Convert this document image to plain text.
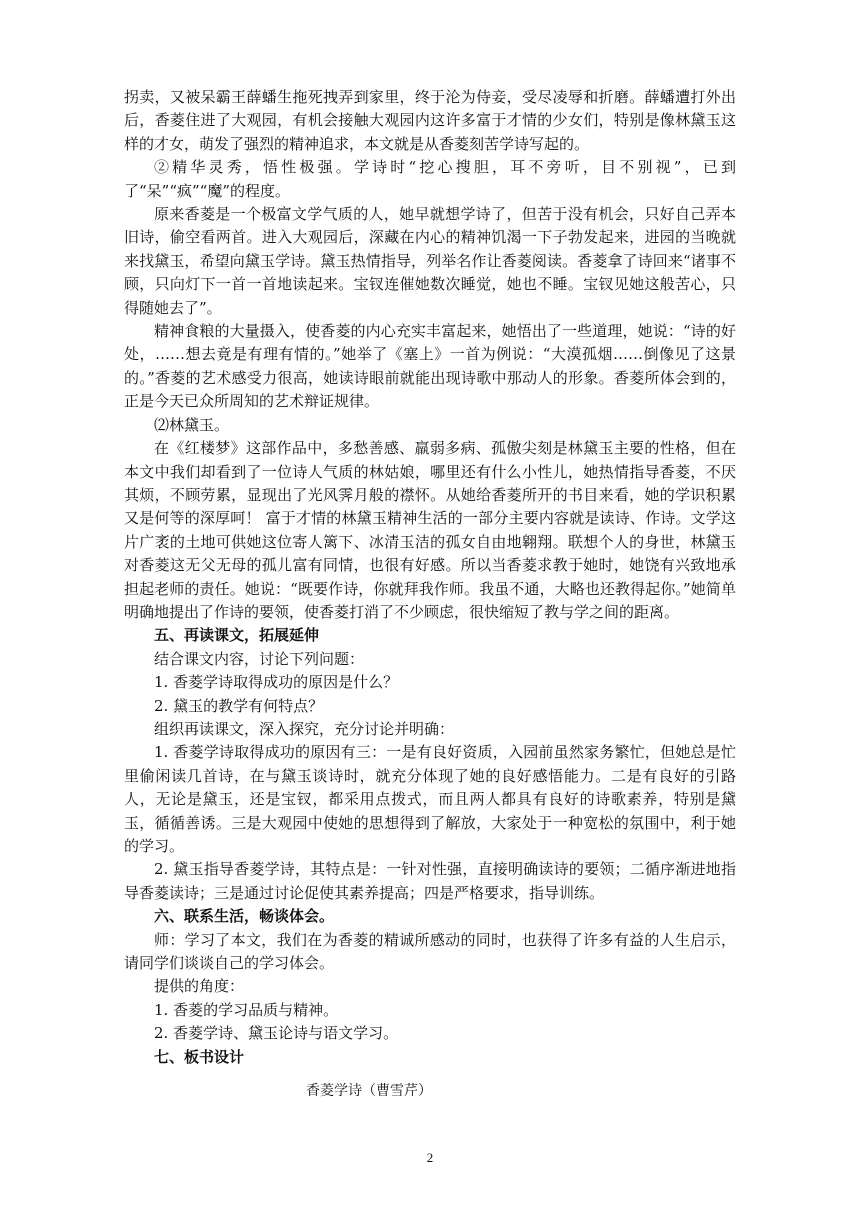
拐卖，又被呆霸王薛蟠生拖死拽弄到家里，终于沦为侍妾，受尽凌辱和折磨。薛蟠遭打外出后，香菱住进了大观园，有机会接触大观园内这许多富于才情的少女们，特别是像林黛玉这样的才女，萌发了强烈的精神追求，本文就是从香菱刻苦学诗写起的。

②精华灵秀，悟性极强。学诗时“挖心搜胆，耳不旁听，目不别视”，已到了“呆”“疯”“魔”的程度。

原来香菱是一个极富文学气质的人，她早就想学诗了，但苦于没有机会，只好自己弄本旧诗，偷空看两首。进入大观园后，深藏在内心的精神饥渴一下子勃发起来，进园的当晚就来找黛玉，希望向黛玉学诗。黛玉热情指导，列举名作让香菱阅读。香菱拿了诗回来“诸事不顾，只向灯下一首一首地读起来。宝钗连催她数次睡觉，她也不睡。宝钗见她这般苦心，只得随她去了”。

精神食粮的大量摄入，使香菱的内心充实丰富起来，她悟出了一些道理，她说：“诗的好处，……想去竟是有理有情的。”她举了《塞上》一首为例说：“大漠孤烟……倒像见了这景的。”香菱的艺术感受力很高，她读诗眼前就能出现诗歌中那动人的形象。香菱所体会到的，正是今天已众所周知的艺术辩证规律。

⑵林黛玉。

在《红楼梦》这部作品中，多愁善感、羸弱多病、孤傲尖刻是林黛玉主要的性格，但在本文中我们却看到了一位诗人气质的林姑娘，哪里还有什么小性儿，她热情指导香菱，不厌其烦，不顾劳累，显现出了光风霁月般的襟怀。从她给香菱所开的书目来看，她的学识积累又是何等的深厚呵！ 富于才情的林黛玉精神生活的一部分主要内容就是读诗、作诗。文学这片广袤的土地可供她这位寄人篱下、冰清玉洁的孤女自由地翱翔。联想个人的身世，林黛玉对香菱这无父无母的孤儿富有同情，也很有好感。所以当香菱求教于她时，她饶有兴致地承担起老师的责任。她说：“既要作诗，你就拜我作师。我虽不通，大略也还教得起你。”她简单明确地提出了作诗的要领，使香菱打消了不少顾虑，很快缩短了教与学之间的距离。

五、再读课文，拓展延伸

结合课文内容，讨论下列问题：

1. 香菱学诗取得成功的原因是什么？

2. 黛玉的教学有何特点？

组织再读课文，深入探究，充分讨论并明确：

1. 香菱学诗取得成功的原因有三：一是有良好资质，入园前虽然家务繁忙，但她总是忙里偷闲读几首诗，在与黛玉谈诗时，就充分体现了她的良好感悟能力。二是有良好的引路人，无论是黛玉，还是宝钗，都采用点拨式，而且两人都具有良好的诗歌素养，特别是黛玉，循循善诱。三是大观园中使她的思想得到了解放，大家处于一种宽松的氛围中，利于她的学习。

2. 黛玉指导香菱学诗，其特点是：一针对性强，直接明确读诗的要领；二循序渐进地指导香菱读诗；三是通过讨论促使其素养提高；四是严格要求，指导训练。

六、联系生活，畅谈体会。

师：学习了本文，我们在为香菱的精诚所感动的同时，也获得了许多有益的人生启示，请同学们谈谈自己的学习体会。

提供的角度：

1. 香菱的学习品质与精神。

2. 香菱学诗、黛玉论诗与语文学习。

七、板书设计

香菱学诗（曹雪芹）
2
